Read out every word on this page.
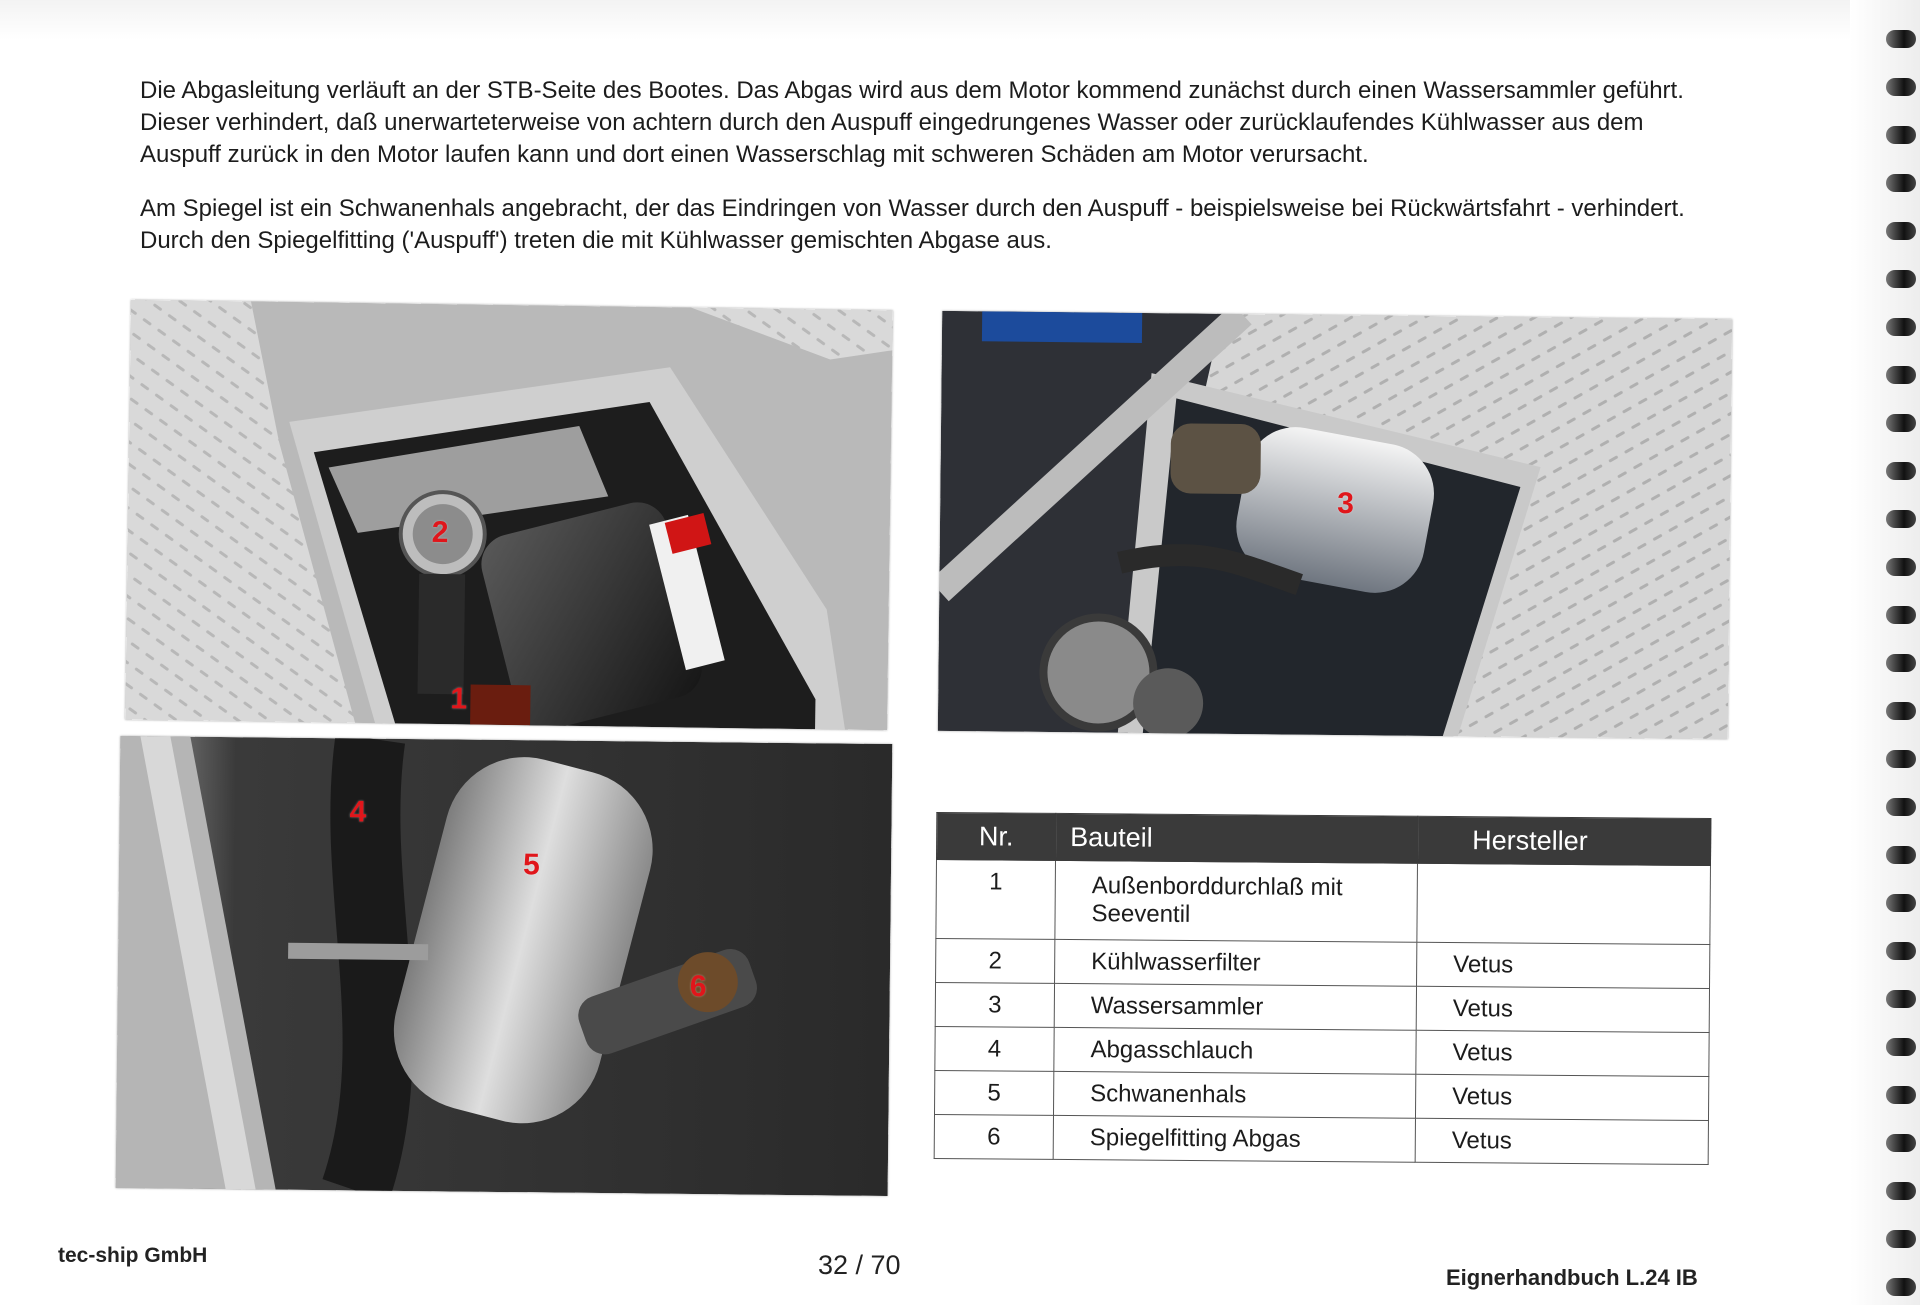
Die Abgasleitung verläuft an der STB-Seite des Bootes. Das Abgas wird aus dem Motor kommend zunächst durch einen Wassersammler geführt. Dieser verhindert, daß unerwarteterweise von achtern durch den Auspuff eingedrungenes Wasser oder zurücklaufendes Kühlwasser aus dem Auspuff zurück in den Motor laufen kann und dort einen Wasserschlag mit schweren Schäden am Motor verursacht.

Am Spiegel ist ein Schwanenhals angebracht, der das Eindringen von Wasser durch den Auspuff - beispielsweise bei Rückwärtsfahrt - verhindert. Durch den Spiegelfitting ('Auspuff') treten die mit Kühlwasser gemischten Abgase aus.

2
1
3
4
5
6
Nr.	Bauteil	Hersteller
1	Außenborddurchlaß mit Seeventil	
2	Kühlwasserfilter	Vetus
3	Wassersammler	Vetus
4	Abgasschlauch	Vetus
5	Schwanenhals	Vetus
6	Spiegelfitting Abgas	Vetus
tec-ship GmbH	32 / 70	Eignerhandbuch L.24 IB
